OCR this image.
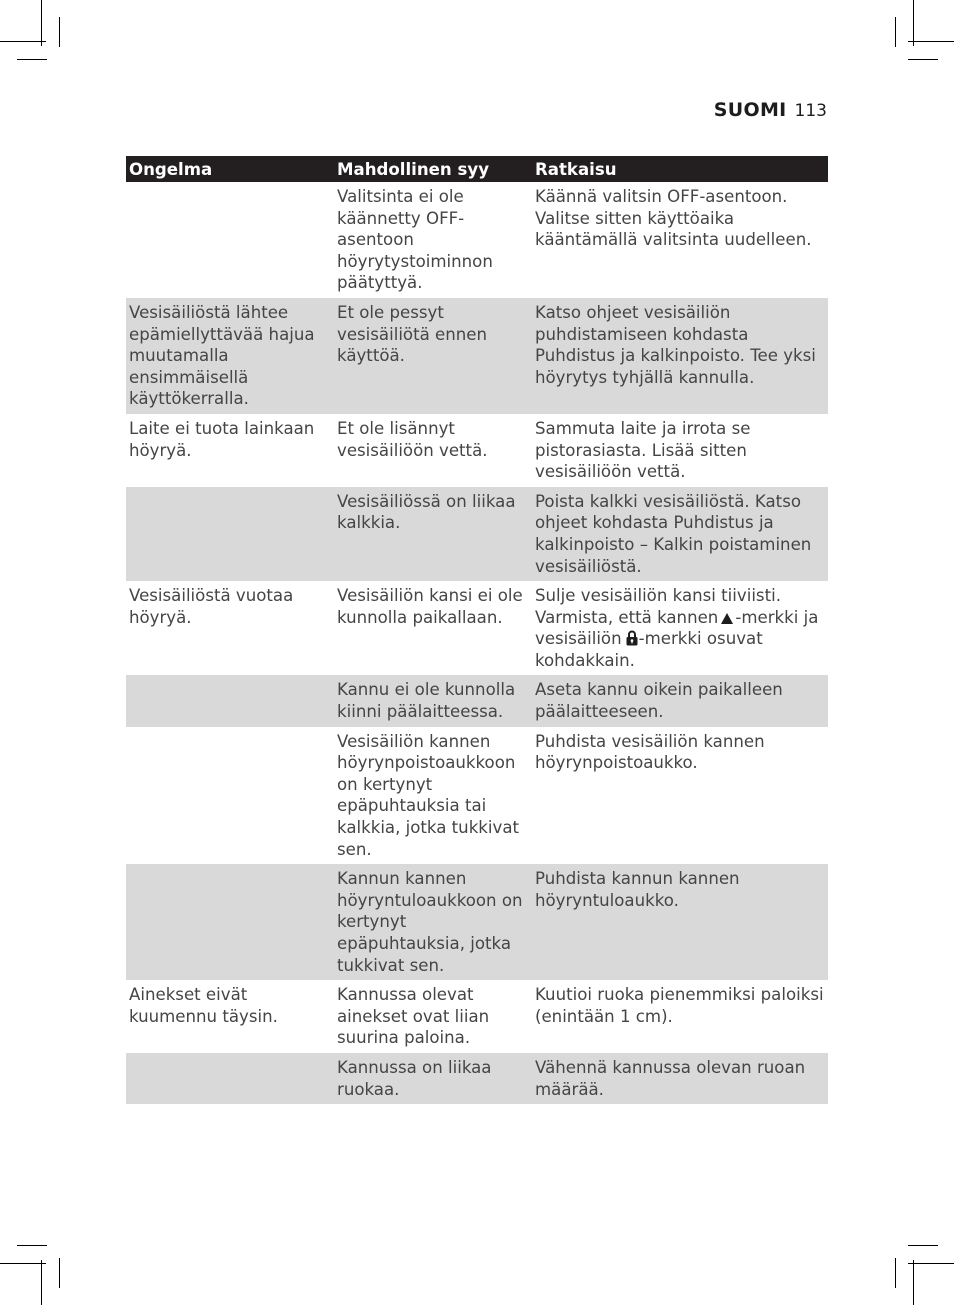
SUOMI 113
Ongelma	Mahdollinen syy	Ratkaisu
	Valitsinta ei ole käännetty OFF-asentoon höyrytystoiminnon päätyttyä.	Käännä valitsin OFF-asentoon. Valitse sitten käyttöaika kääntämällä valitsinta uudelleen.
Vesisäiliöstä lähtee epämiellyttävää hajua muutamalla ensimmäisellä käyttökerralla.	Et ole pessyt vesisäiliötä ennen käyttöä.	Katso ohjeet vesisäiliön puhdistamiseen kohdasta Puhdistus ja kalkinpoisto. Tee yksi höyrytys tyhjällä kannulla.
Laite ei tuota lainkaan höyryä.	Et ole lisännyt vesisäiliöön vettä.	Sammuta laite ja irrota se pistorasiasta. Lisää sitten vesisäiliöön vettä.
	Vesisäiliössä on liikaa kalkkia.	Poista kalkki vesisäiliöstä. Katso ohjeet kohdasta Puhdistus ja kalkinpoisto – Kalkin poistaminen vesisäiliöstä.
Vesisäiliöstä vuotaa höyryä.	Vesisäiliön kansi ei ole kunnolla paikallaan.	Sulje vesisäiliön kansi tiiviisti. Varmista, että kannen -merkki ja vesisäiliön -merkki osuvat kohdakkain.
	Kannu ei ole kunnolla kiinni päälaitteessa.	Aseta kannu oikein paikalleen päälaitteeseen.
	Vesisäiliön kannen höyrynpoistoaukkoon on kertynyt epäpuhtauksia tai kalkkia, jotka tukkivat sen.	Puhdista vesisäiliön kannen höyrynpoistoaukko.
	Kannun kannen höyryntuloaukkoon on kertynyt epäpuhtauksia, jotka tukkivat sen.	Puhdista kannun kannen höyryntuloaukko.
Ainekset eivät kuumennu täysin.	Kannussa olevat ainekset ovat liian suurina paloina.	Kuutioi ruoka pienemmiksi paloiksi (enintään 1 cm).
	Kannussa on liikaa ruokaa.	Vähennä kannussa olevan ruoan määrää.
